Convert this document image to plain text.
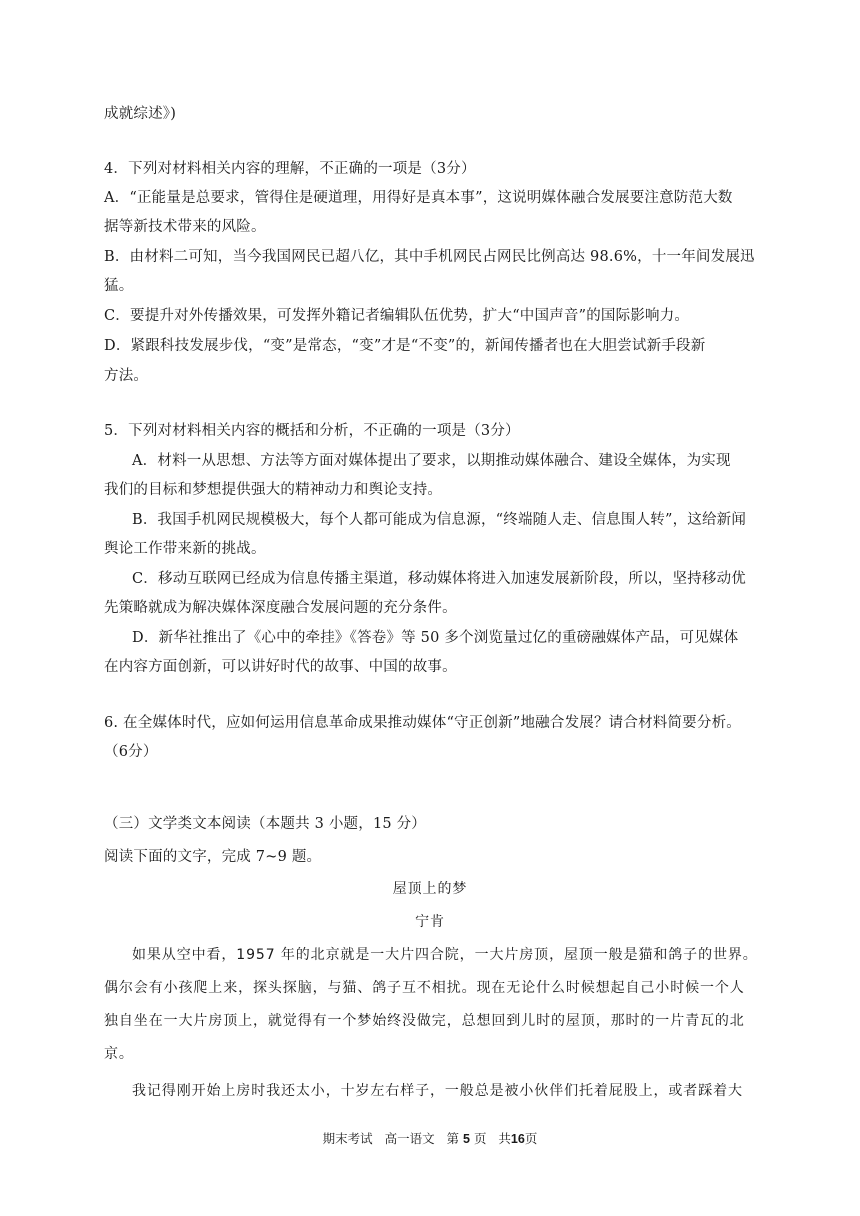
成就综述》)
4．下列对材料相关内容的理解，不正确的一项是（3分）
A．“正能量是总要求，管得住是硬道理，用得好是真本事”，这说明媒体融合发展要注意防范大数
据等新技术带来的风险。
B．由材料二可知，当今我国网民已超八亿，其中手机网民占网民比例高达 98.6%，十一年间发展迅
猛。
C．要提升对外传播效果，可发挥外籍记者编辑队伍优势，扩大“中国声音”的国际影响力。
D．紧跟科技发展步伐，“变”是常态，“变”才是“不变”的，新闻传播者也在大胆尝试新手段新
方法。
5．下列对材料相关内容的概括和分析，不正确的一项是（3分）
A．材料一从思想、方法等方面对媒体提出了要求，以期推动媒体融合、建设全媒体，为实现
我们的目标和梦想提供强大的精神动力和舆论支持。
B．我国手机网民规模极大，每个人都可能成为信息源，“终端随人走、信息围人转”，这给新闻
舆论工作带来新的挑战。
C．移动互联网已经成为信息传播主渠道，移动媒体将进入加速发展新阶段，所以，坚持移动优
先策略就成为解决媒体深度融合发展问题的充分条件。
D．新华社推出了《心中的牵挂》《答卷》等 50 多个浏览量过亿的重磅融媒体产品，可见媒体
在内容方面创新，可以讲好时代的故事、中国的故事。
6. 在全媒体时代，应如何运用信息革命成果推动媒体“守正创新”地融合发展？请合材料简要分析。
（6分）
（三）文学类文本阅读（本题共 3 小题，15 分）
阅读下面的文字，完成 7~9 题。
屋顶上的梦
宁肯
如果从空中看，1957 年的北京就是一大片四合院，一大片房顶，屋顶一般是猫和鸽子的世界。
偶尔会有小孩爬上来，探头探脑，与猫、鸽子互不相扰。现在无论什么时候想起自己小时候一个人
独自坐在一大片房顶上，就觉得有一个梦始终没做完，总想回到儿时的屋顶，那时的一片青瓦的北
京。
我记得刚开始上房时我还太小，十岁左右样子，一般总是被小伙伴们托着屁股上，或者踩着大
期末考试 高一语文 第 5 页 共16页
